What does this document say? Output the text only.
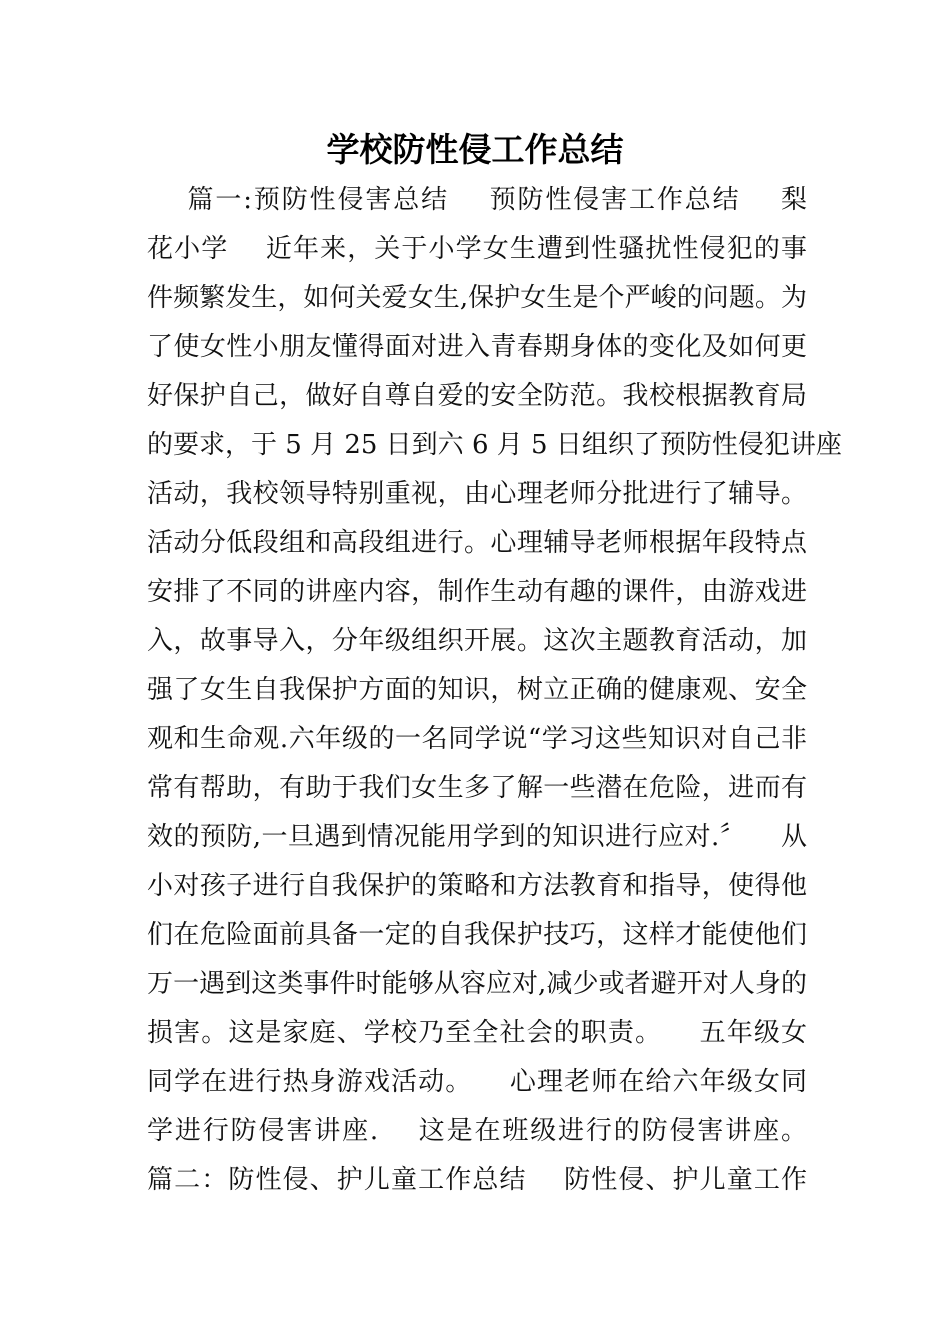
学校防性侵工作总结
篇一:预防性侵害总结    预防性侵害工作总结    梨
花小学    近年来，关于小学女生遭到性骚扰性侵犯的事
件频繁发生，如何关爱女生,保护女生是个严峻的问题。为
了使女性小朋友懂得面对进入青春期身体的变化及如何更
好保护自己，做好自尊自爱的安全防范。我校根据教育局
的要求，于 5 月 25 日到六 6 月 5 日组织了预防性侵犯讲座
活动，我校领导特别重视，由心理老师分批进行了辅导。
活动分低段组和高段组进行。心理辅导老师根据年段特点
安排了不同的讲座内容，制作生动有趣的课件，由游戏进
入，故事导入，分年级组织开展。这次主题教育活动，加
强了女生自我保护方面的知识，树立正确的健康观、安全
观和生命观.六年级的一名同学说“学习这些知识对自己非
常有帮助，有助于我们女生多了解一些潜在危险，进而有
效的预防,一旦遇到情况能用学到的知识进行应对.〞    从
小对孩子进行自我保护的策略和方法教育和指导，使得他
们在危险面前具备一定的自我保护技巧，这样才能使他们
万一遇到这类事件时能够从容应对,减少或者避开对人身的
损害。这是家庭、学校乃至全社会的职责。    五年级女
同学在进行热身游戏活动。    心理老师在给六年级女同
学进行防侵害讲座.    这是在班级进行的防侵害讲座。
篇二：防性侵、护儿童工作总结    防性侵、护儿童工作
